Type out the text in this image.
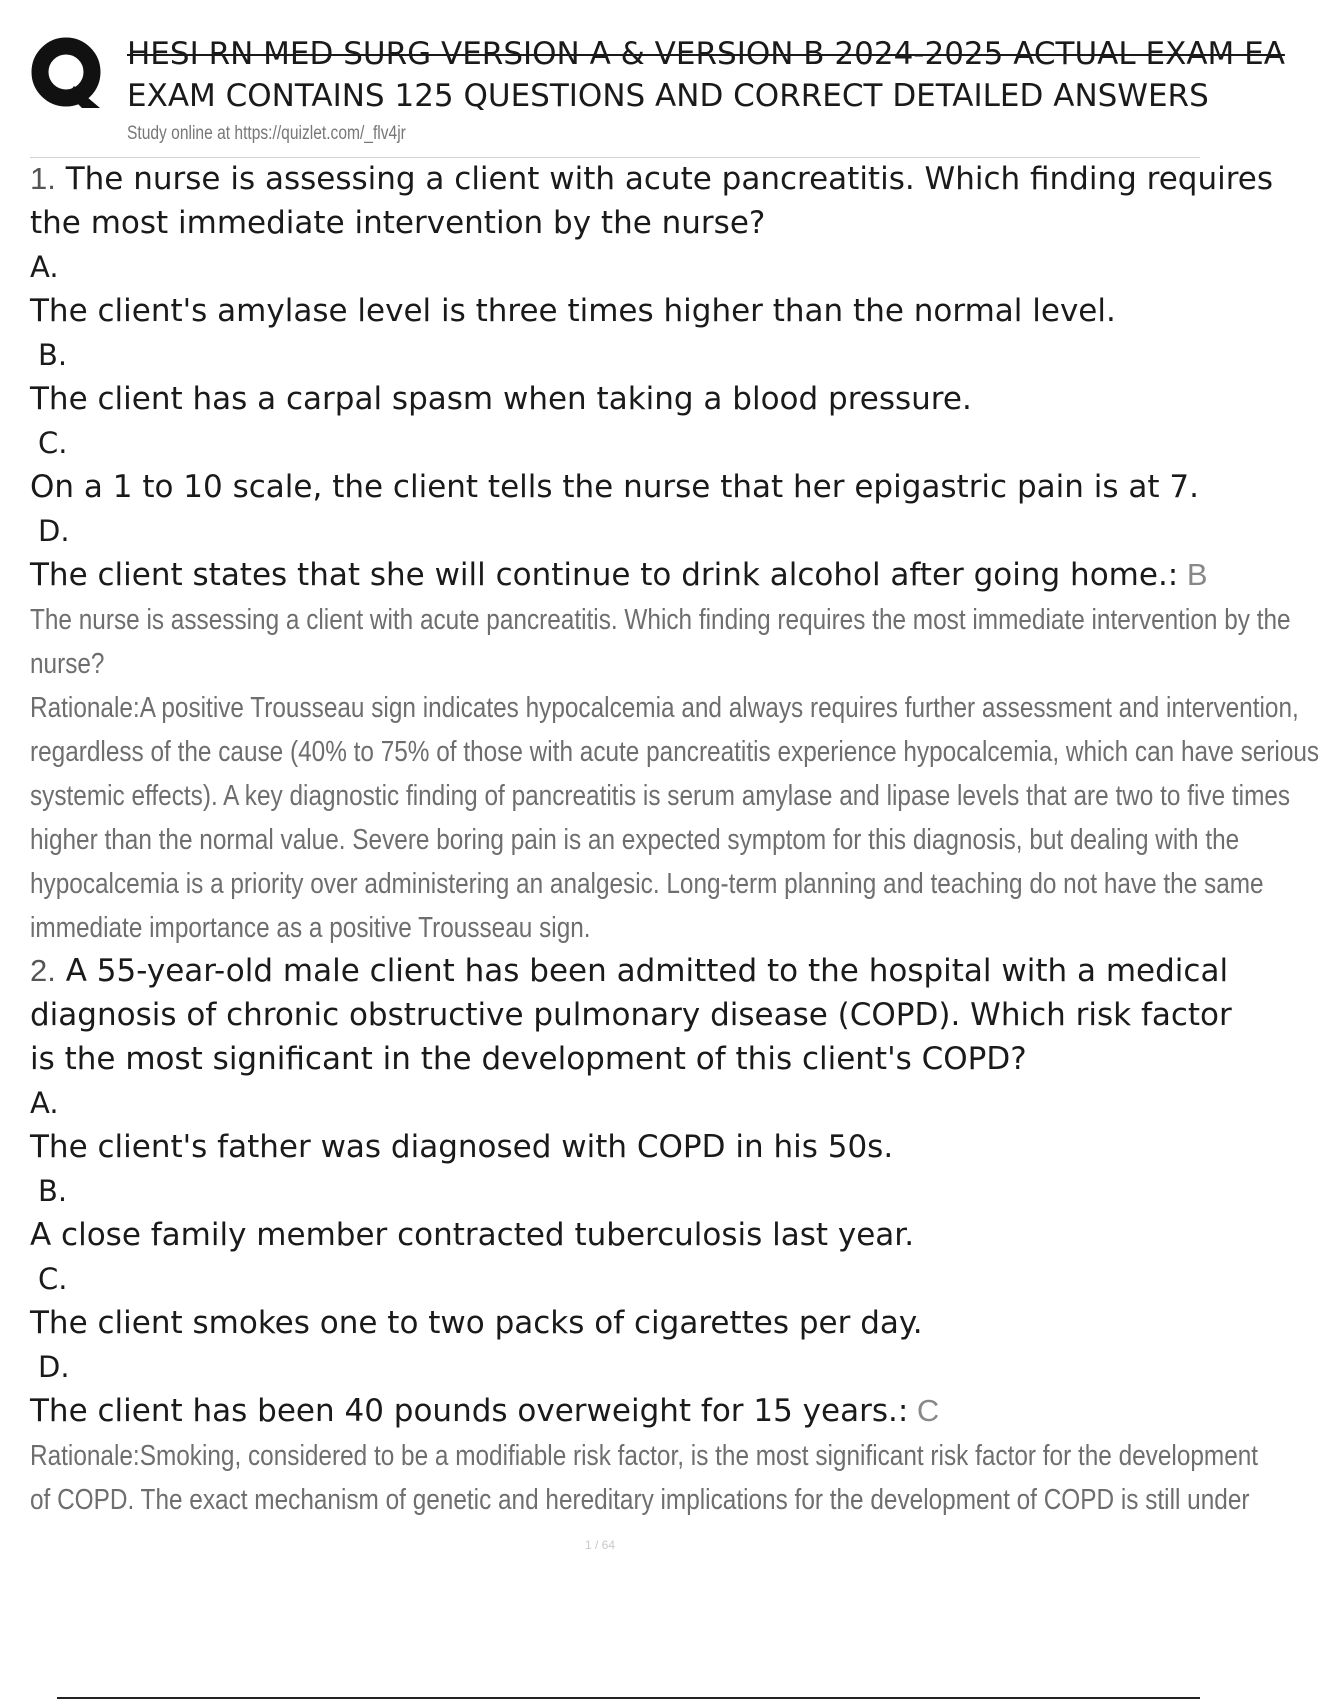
HESI RN MED SURG VERSION A & VERSION B 2024-2025 ACTUAL EXAM EA
EXAM CONTAINS 125 QUESTIONS AND CORRECT DETAILED ANSWERS
Study online at https://quizlet.com/_flv4jr
1. The nurse is assessing a client with acute pancreatitis. Which finding requires
the most immediate intervention by the nurse?
A.
The client's amylase level is three times higher than the normal level.
B.
The client has a carpal spasm when taking a blood pressure.
C.
On a 1 to 10 scale, the client tells the nurse that her epigastric pain is at 7.
D.
The client states that she will continue to drink alcohol after going home.: B
The nurse is assessing a client with acute pancreatitis. Which finding requires the most immediate intervention by the
nurse?
Rationale:A positive Trousseau sign indicates hypocalcemia and always requires further assessment and intervention,
regardless of the cause (40% to 75% of those with acute pancreatitis experience hypocalcemia, which can have serious
systemic effects). A key diagnostic finding of pancreatitis is serum amylase and lipase levels that are two to five times
higher than the normal value. Severe boring pain is an expected symptom for this diagnosis, but dealing with the
hypocalcemia is a priority over administering an analgesic. Long-term planning and teaching do not have the same
immediate importance as a positive Trousseau sign.
2. A 55-year-old male client has been admitted to the hospital with a medical
diagnosis of chronic obstructive pulmonary disease (COPD). Which risk factor
is the most significant in the development of this client's COPD?
A.
The client's father was diagnosed with COPD in his 50s.
B.
A close family member contracted tuberculosis last year.
C.
The client smokes one to two packs of cigarettes per day.
D.
The client has been 40 pounds overweight for 15 years.: C
Rationale:Smoking, considered to be a modifiable risk factor, is the most significant risk factor for the development
of COPD. The exact mechanism of genetic and hereditary implications for the development of COPD is still under
1 / 64
